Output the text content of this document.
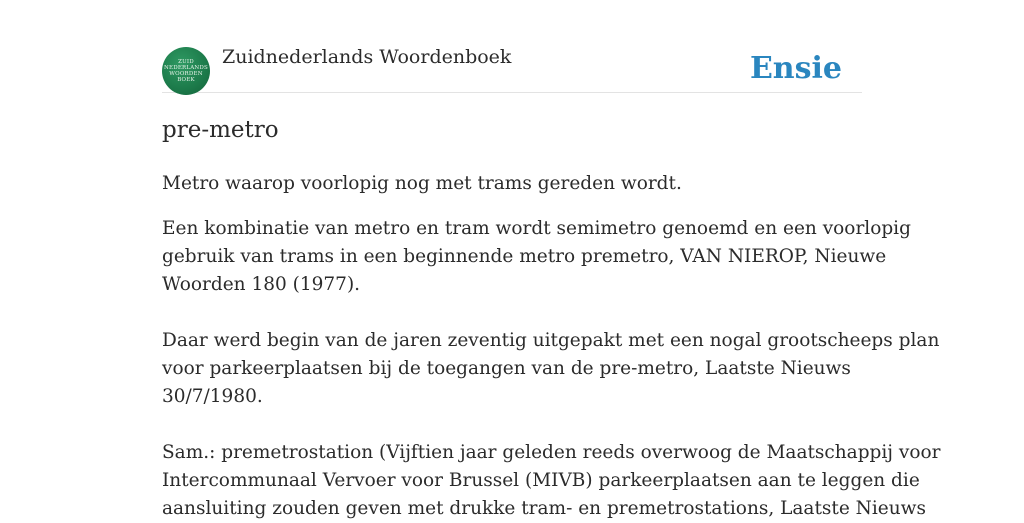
ZUID
NEDERLANDS
WOORDEN
BOEK
Zuidnederlands Woordenboek	Ensie
pre-metro
Metro waarop voorlopig nog met trams gereden wordt.
Een kombinatie van metro en tram wordt semimetro genoemd en een voorlopig
gebruik van trams in een beginnende metro premetro, VAN NIEROP, Nieuwe
Woorden 180 (1977).
Daar werd begin van de jaren zeventig uitgepakt met een nogal grootscheeps plan
voor parkeerplaatsen bij de toegangen van de pre-metro, Laatste Nieuws
30/7/1980.
Sam.: premetrostation (Vijftien jaar geleden reeds overwoog de Maatschappij voor
Intercommunaal Vervoer voor Brussel (MIVB) parkeerplaatsen aan te leggen die
aansluiting zouden geven met drukke tram- en premetrostations, Laatste Nieuws
